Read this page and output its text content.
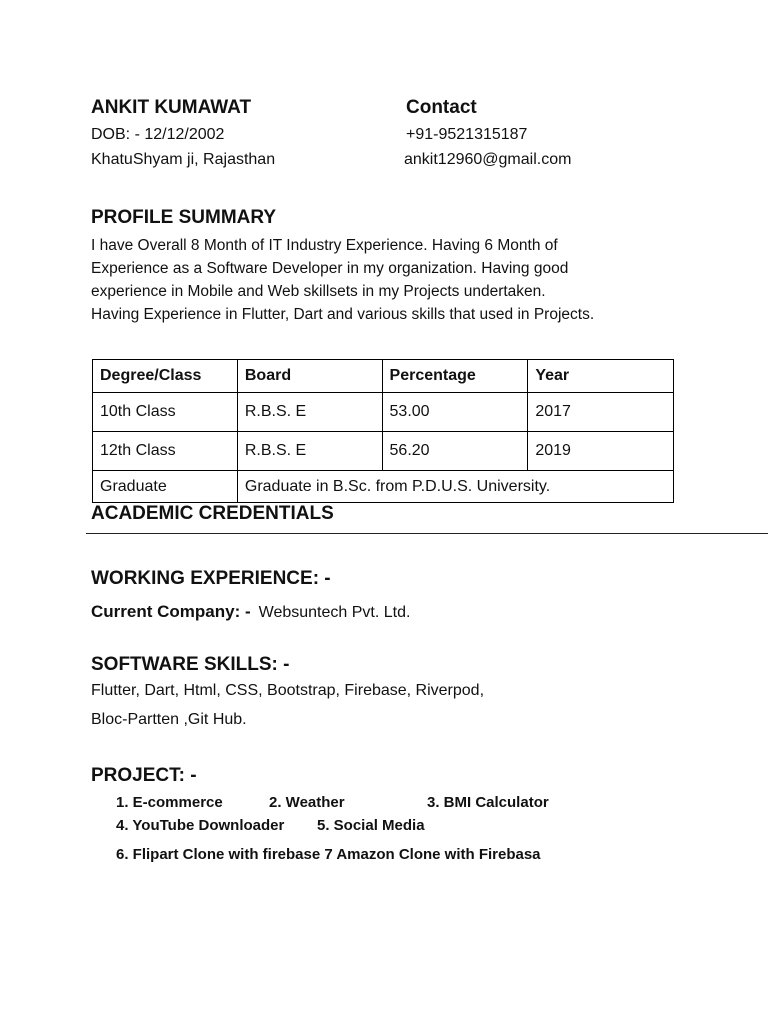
ANKIT KUMAWAT	Contact
DOB: - 12/12/2002
KhatuShyam ji, Rajasthan
+91-9521315187
ankit12960@gmail.com
PROFILE SUMMARY
I have Overall 8 Month of IT Industry Experience. Having 6 Month of
Experience as a Software Developer in my organization. Having good
experience in Mobile and Web skillsets in my Projects undertaken.
Having Experience in Flutter, Dart and various skills that used in Projects.
Degree/Class	Board	Percentage	Year
10th Class	R.B.S. E	53.00	2017
12th Class	R.B.S. E	56.20	2019
Graduate	Graduate in B.Sc. from P.D.U.S. University.		
ACADEMIC CREDENTIALS
WORKING EXPERIENCE: -
Current Company: - Websuntech Pvt. Ltd.
SOFTWARE SKILLS: -
Flutter, Dart, Html, CSS, Bootstrap, Firebase, Riverpod,
Bloc-Partten ,Git Hub.
PROJECT: -
1. E-commerce	2. Weather	3. BMI Calculator
4. YouTube Downloader 5. Social Media
6. Flipart Clone with firebase 7 Amazon Clone with Firebasa
